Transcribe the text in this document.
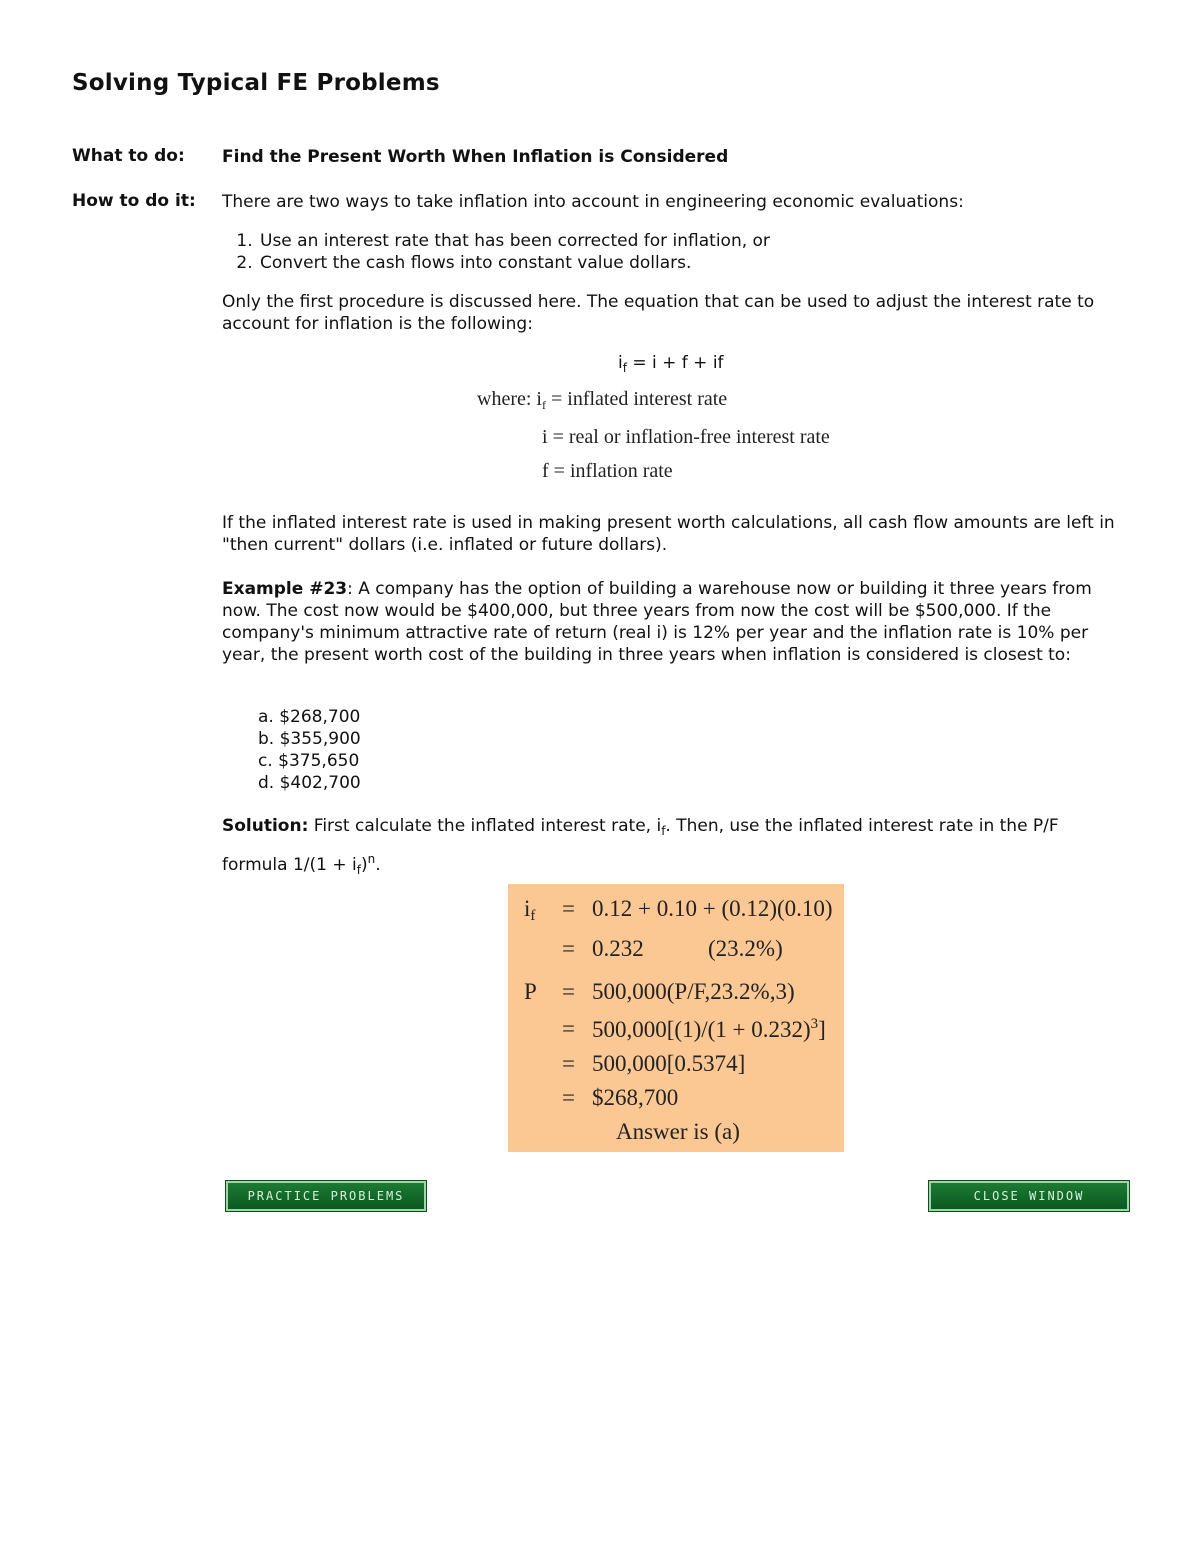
Solving Typical FE Problems
What to do: Find the Present Worth When Inflation is Considered
How to do it: There are two ways to take inflation into account in engineering economic evaluations:
1. Use an interest rate that has been corrected for inflation, or
2. Convert the cash flows into constant value dollars.
Only the first procedure is discussed here. The equation that can be used to adjust the interest rate to account for inflation is the following:
$i_f = i + f$ + if
where: $i_f$ = inflated interest rate
i = real or inflation-free interest rate
f = inflation rate
If the inflated interest rate is used in making present worth calculations, all cash flow amounts are left in "then current" dollars (i.e. inflated or future dollars).
Example #23: A company has the option of building a warehouse now or building it three years from now. The cost now would be $400,000, but three years from now the cost will be $500,000. If the company's minimum attractive rate of return (real i) is 12% per year and the inflation rate is 10% per year, the present worth cost of the building in three years when inflation is considered is closest to:
a. $268,700
b. $355,900
c. $375,650
d. $402,700
Solution: First calculate the inflated interest rate, $i_f$. Then, use the inflated interest rate in the P/F formula $1/(1 + i_f)^n$.
$i_f = 0.12 + 0.10 + (0.12)(0.10)$
= 0.232	(23.2%)
P = 500,000(P/F,23.2%,3)
= $500,000[(1)/(1 + 0.232)^3]$
= 500,000[0.5374]
= $268,700
Answer is (a)
PRACTICE PROBLEMS	CLOSE WINDOW
